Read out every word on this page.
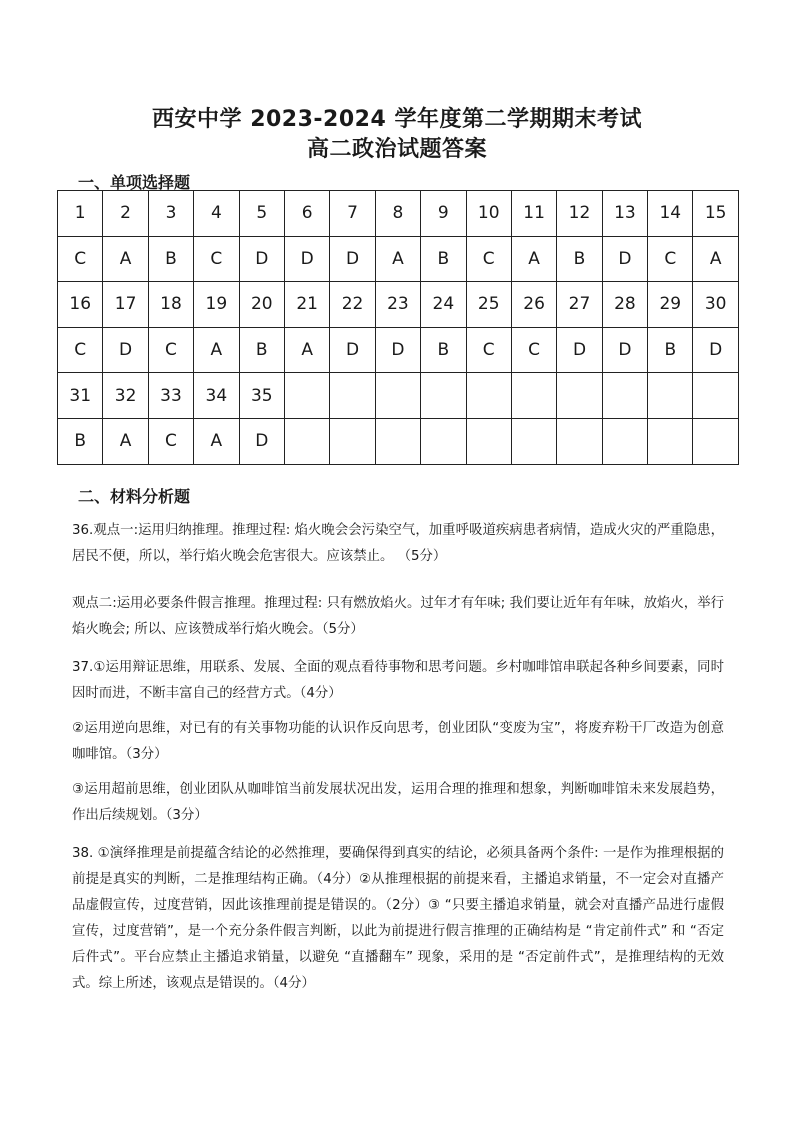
西安中学 2023-2024 学年度第二学期期末考试
高二政治试题答案
一、单项选择题
1	2	3	4	5	6	7	8	9	10	11	12	13	14	15
C	A	B	C	D	D	D	A	B	C	A	B	D	C	A
16	17	18	19	20	21	22	23	24	25	26	27	28	29	30
C	D	C	A	B	A	D	D	B	C	C	D	D	B	D
31	32	33	34	35										
B	A	C	A	D										
二、材料分析题
36.观点一:运用归纳推理。推理过程: 焰火晚会会污染空气，加重呼吸道疾病患者病情，造成火灾的严重隐患，居民不便，所以，举行焰火晚会危害很大。应该禁止。 （5分）
观点二:运用必要条件假言推理。推理过程: 只有燃放焰火。过年才有年味; 我们要让近年有年味，放焰火，举行焰火晚会; 所以、应该赞成举行焰火晚会。（5分）
37.①运用辩证思维，用联系、发展、全面的观点看待事物和思考问题。乡村咖啡馆串联起各种乡间要素，同时因时而进，不断丰富自己的经营方式。（4分）
②运用逆向思维，对已有的有关事物功能的认识作反向思考，创业团队“变废为宝”，将废弃粉干厂改造为创意咖啡馆。（3分）
③运用超前思维，创业团队从咖啡馆当前发展状况出发，运用合理的推理和想象，判断咖啡馆未来发展趋势，作出后续规划。（3分）
38. ①演绎推理是前提蕴含结论的必然推理，要确保得到真实的结论，必须具备两个条件: 一是作为推理根据的前提是真实的判断，二是推理结构正确。（4分）②从推理根据的前提来看，主播追求销量，不一定会对直播产品虚假宣传，过度营销，因此该推理前提是错误的。（2分）③ “只要主播追求销量，就会对直播产品进行虚假宣传，过度营销”，是一个充分条件假言判断，以此为前提进行假言推理的正确结构是 “肯定前件式” 和 “否定后件式”。平台应禁止主播追求销量，以避免 “直播翻车” 现象，采用的是 “否定前件式”，是推理结构的无效式。综上所述，该观点是错误的。（4分）
